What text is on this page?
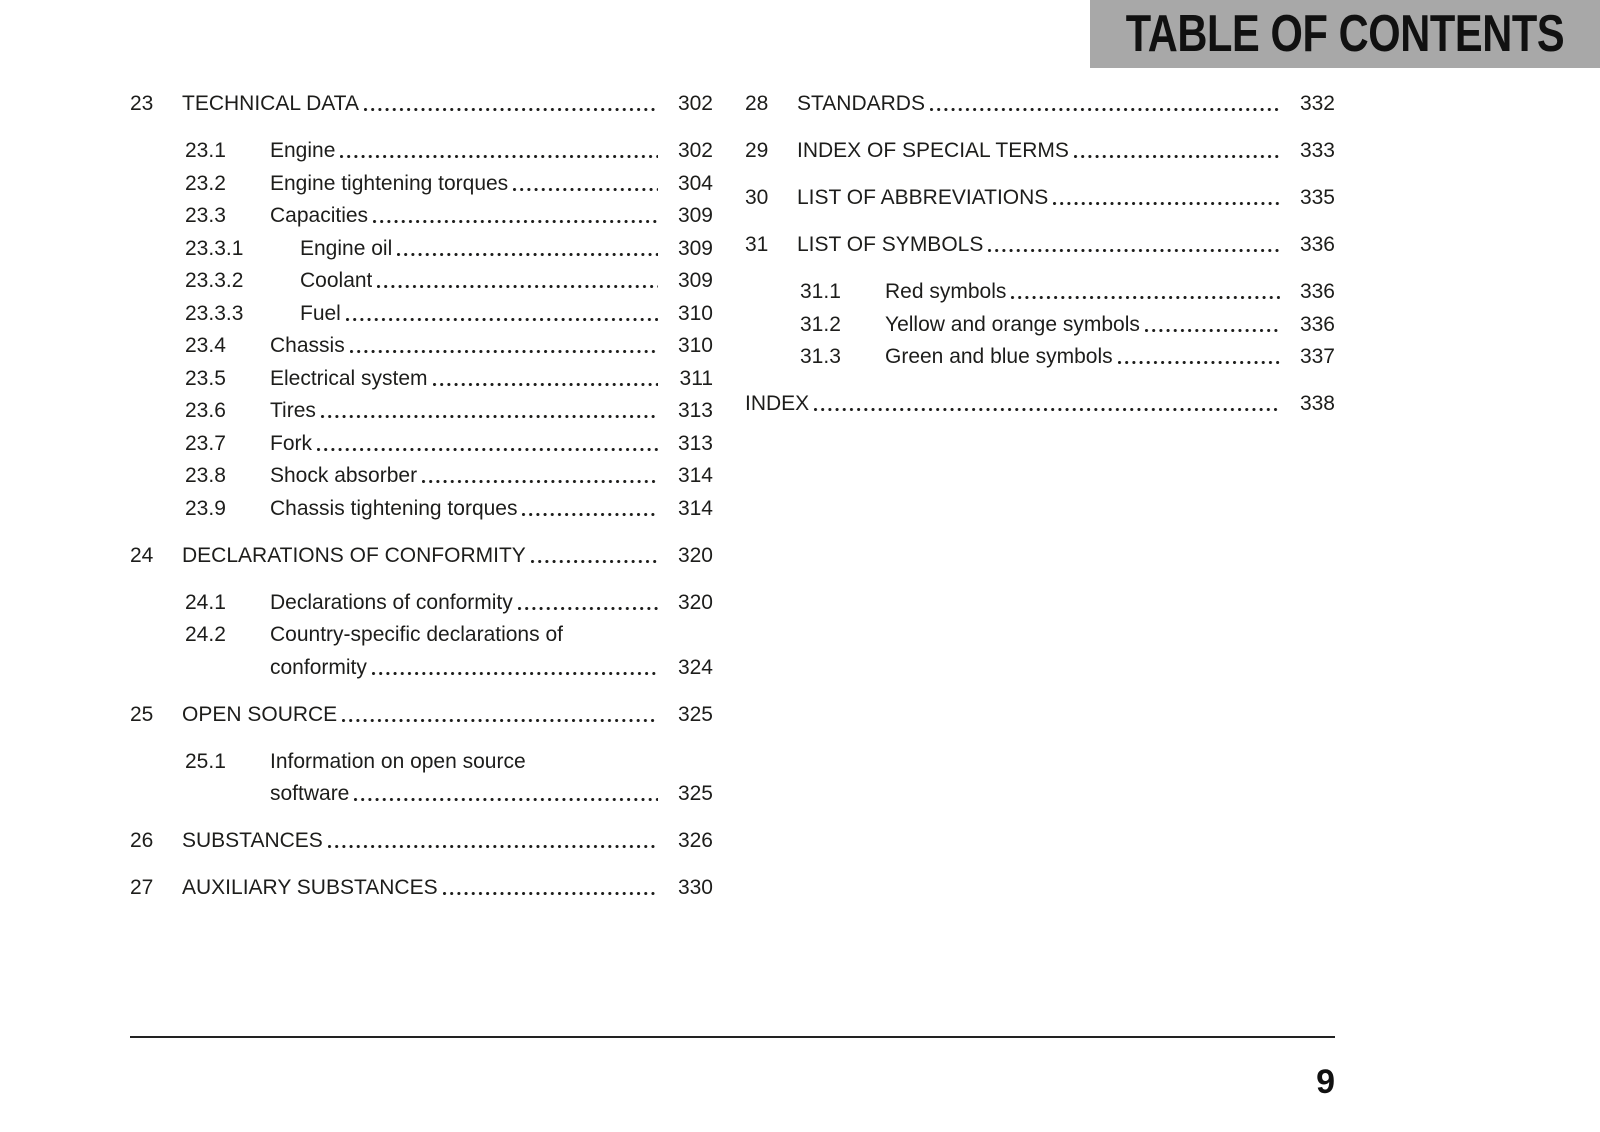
TABLE OF CONTENTS
23	TECHNICAL DATA	302
23.1	Engine	302
23.2	Engine tightening torques	304
23.3	Capacities	309
23.3.1	Engine oil	309
23.3.2	Coolant	309
23.3.3	Fuel	310
23.4	Chassis	310
23.5	Electrical system	311
23.6	Tires	313
23.7	Fork	313
23.8	Shock absorber	314
23.9	Chassis tightening torques	314
24	DECLARATIONS OF CONFORMITY	320
24.1	Declarations of conformity	320
24.2	Country-specific declarations of
conformity	324
25	OPEN SOURCE	325
25.1	Information on open source
software	325
26	SUBSTANCES	326
27	AUXILIARY SUBSTANCES	330
28	STANDARDS	332
29	INDEX OF SPECIAL TERMS	333
30	LIST OF ABBREVIATIONS	335
31	LIST OF SYMBOLS	336
31.1	Red symbols	336
31.2	Yellow and orange symbols	336
31.3	Green and blue symbols	337
INDEX	338
9
